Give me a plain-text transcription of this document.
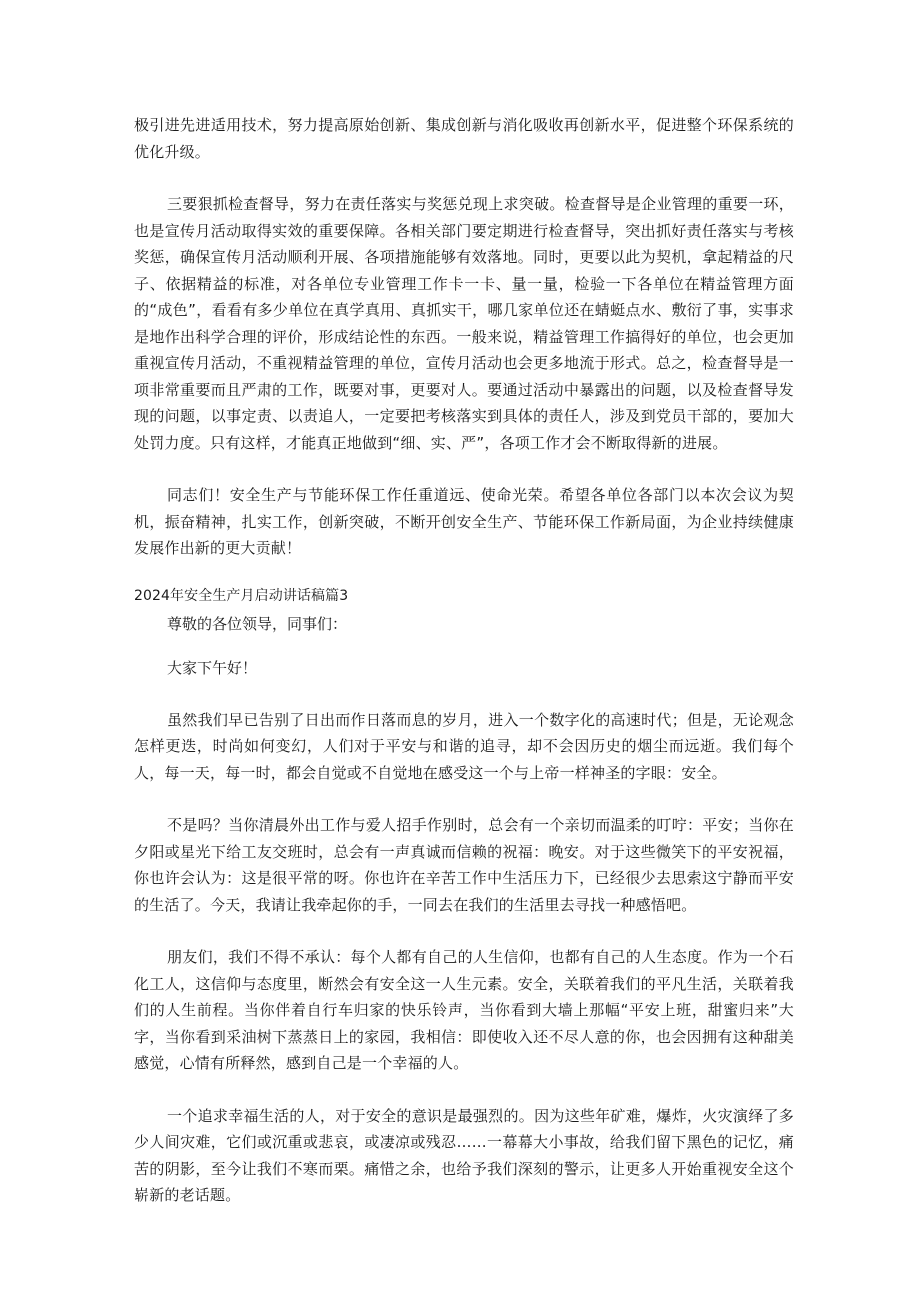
极引进先进适用技术，努力提高原始创新、集成创新与消化吸收再创新水平，促进整个环保系统的优化升级。

三要狠抓检查督导，努力在责任落实与奖惩兑现上求突破。检查督导是企业管理的重要一环，也是宣传月活动取得实效的重要保障。各相关部门要定期进行检查督导，突出抓好责任落实与考核奖惩，确保宣传月活动顺利开展、各项措施能够有效落地。同时，更要以此为契机，拿起精益的尺子、依据精益的标准，对各单位专业管理工作卡一卡、量一量，检验一下各单位在精益管理方面的“成色”，看看有多少单位在真学真用、真抓实干，哪几家单位还在蜻蜓点水、敷衍了事，实事求是地作出科学合理的评价，形成结论性的东西。一般来说，精益管理工作搞得好的单位，也会更加重视宣传月活动，不重视精益管理的单位，宣传月活动也会更多地流于形式。总之，检查督导是一项非常重要而且严肃的工作，既要对事，更要对人。要通过活动中暴露出的问题，以及检查督导发现的问题，以事定责、以责追人，一定要把考核落实到具体的责任人，涉及到党员干部的，要加大处罚力度。只有这样，才能真正地做到“细、实、严”，各项工作才会不断取得新的进展。

同志们！安全生产与节能环保工作任重道远、使命光荣。希望各单位各部门以本次会议为契机，振奋精神，扎实工作，创新突破，不断开创安全生产、节能环保工作新局面，为企业持续健康发展作出新的更大贡献！

2024年安全生产月启动讲话稿篇3

尊敬的各位领导，同事们：

大家下午好！

虽然我们早已告别了日出而作日落而息的岁月，进入一个数字化的高速时代；但是，无论观念怎样更迭，时尚如何变幻，人们对于平安与和谐的追寻，却不会因历史的烟尘而远逝。我们每个人，每一天，每一时，都会自觉或不自觉地在感受这一个与上帝一样神圣的字眼：安全。

不是吗？当你清晨外出工作与爱人招手作别时，总会有一个亲切而温柔的叮咛：平安；当你在夕阳或星光下给工友交班时，总会有一声真诚而信赖的祝福：晚安。对于这些微笑下的平安祝福，你也许会认为：这是很平常的呀。你也许在辛苦工作中生活压力下，已经很少去思索这宁静而平安的生活了。今天，我请让我牵起你的手，一同去在我们的生活里去寻找一种感悟吧。

朋友们，我们不得不承认：每个人都有自己的人生信仰，也都有自己的人生态度。作为一个石化工人，这信仰与态度里，断然会有安全这一人生元素。安全，关联着我们的平凡生活，关联着我们的人生前程。当你伴着自行车归家的快乐铃声，当你看到大墙上那幅“平安上班，甜蜜归来”大字，当你看到采油树下蒸蒸日上的家园，我相信：即使收入还不尽人意的你，也会因拥有这种甜美感觉，心情有所释然，感到自己是一个幸福的人。

一个追求幸福生活的人，对于安全的意识是最强烈的。因为这些年矿难，爆炸，火灾演绎了多少人间灾难，它们或沉重或悲哀，或凄凉或残忍……一幕幕大小事故，给我们留下黑色的记忆，痛苦的阴影，至今让我们不寒而栗。痛惜之余，也给予我们深刻的警示，让更多人开始重视安全这个崭新的老话题。
